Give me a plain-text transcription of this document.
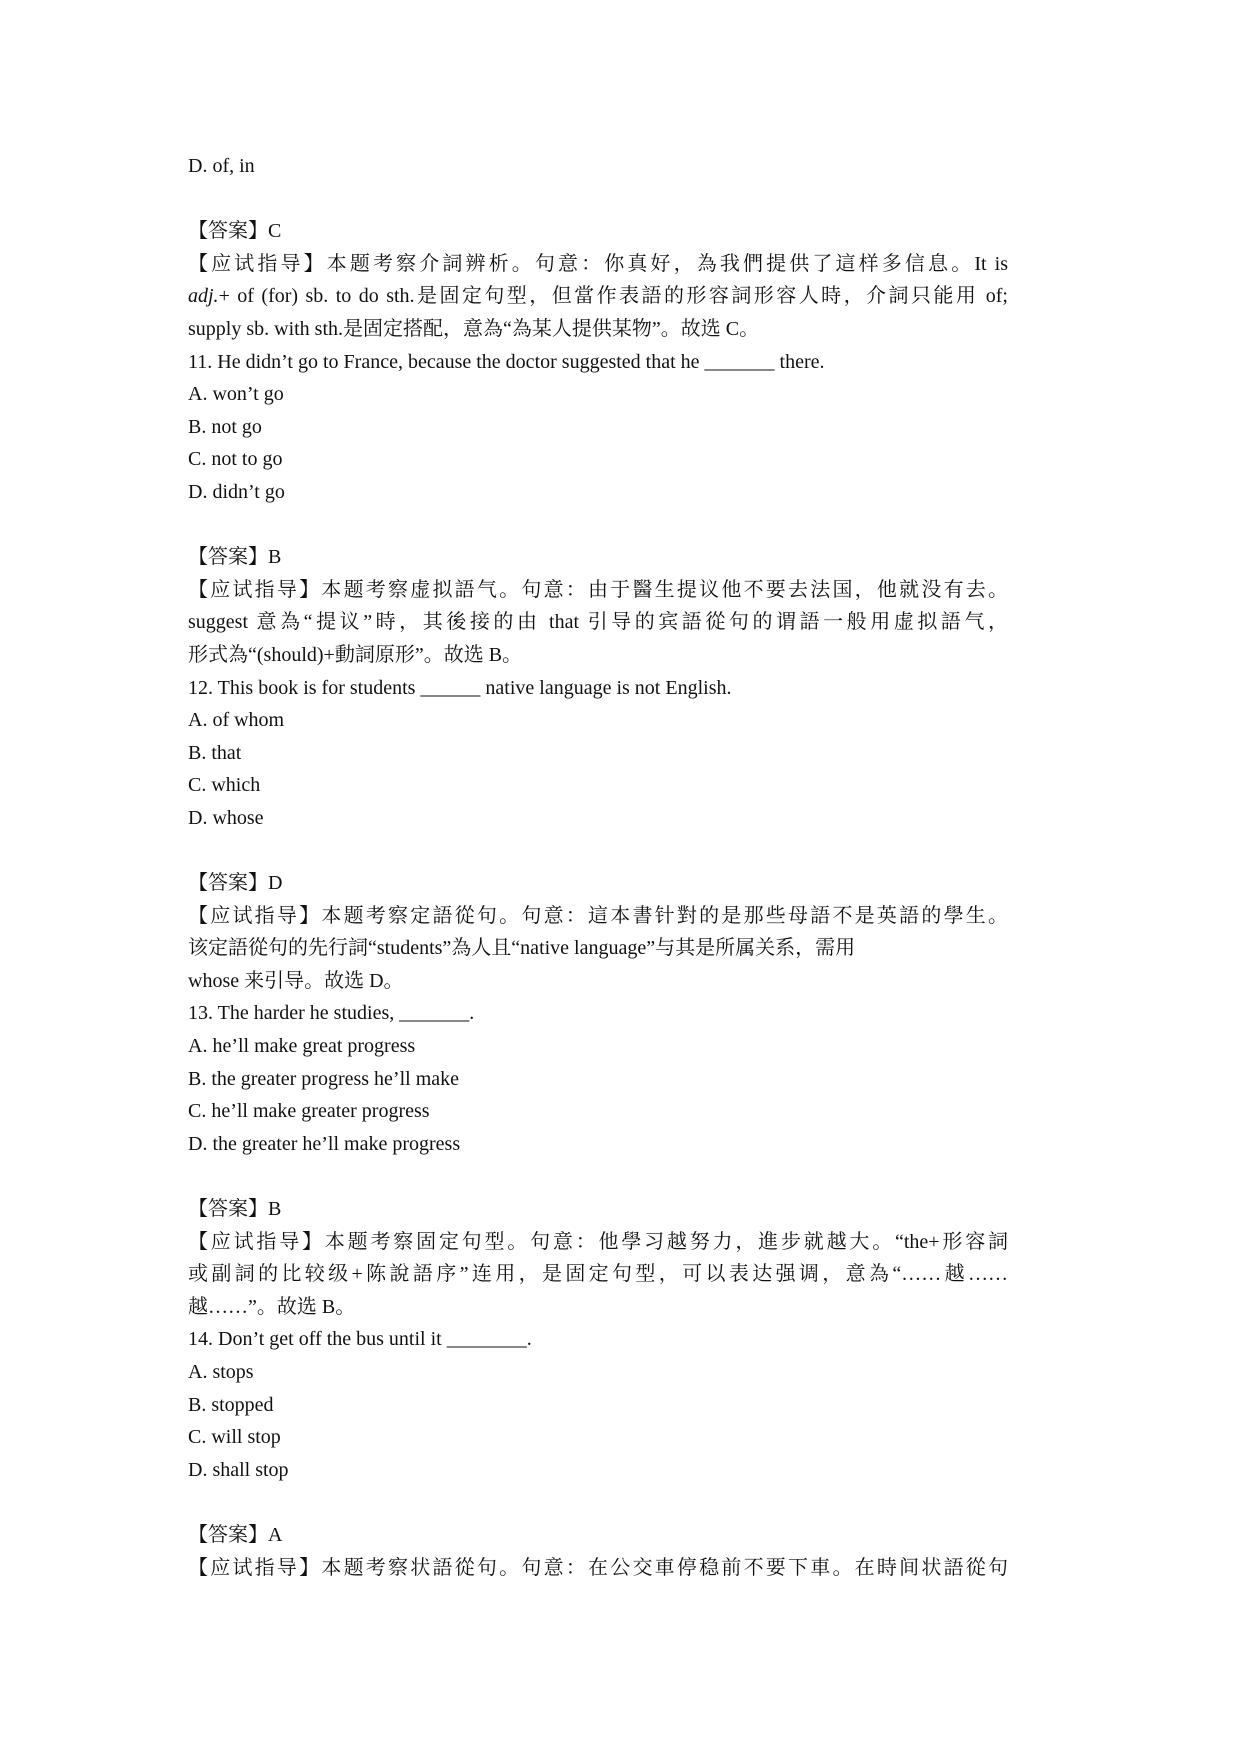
D. of, in
【答案】C
【应试指导】本题考察介詞辨析。句意：你真好，為我們提供了這样多信息。It is
adj.+ of (for) sb. to do sth.是固定句型，但當作表語的形容詞形容人時，介詞只能用 of;
supply sb. with sth.是固定搭配，意為“為某人提供某物”。故选 C。
11. He didn’t go to France, because the doctor suggested that he _______ there.
A. won’t go
B. not go
C. not to go
D. didn’t go
【答案】B
【应试指导】本题考察虚拟語气。句意：由于醫生提议他不要去法国，他就没有去。
suggest 意為“提议”時，其後接的由 that 引导的宾語從句的谓語一般用虚拟語气，
形式為“(should)+動詞原形”。故选 B。
12. This book is for students ______ native language is not English.
A. of whom
B. that
C. which
D. whose
【答案】D
【应试指导】本题考察定語從句。句意：這本書针對的是那些母語不是英語的學生。
该定語從句的先行詞“students”為人且“native language”与其是所属关系，需用
whose 来引导。故选 D。
13. The harder he studies, _______.
A. he’ll make great progress
B. the greater progress he’ll make
C. he’ll make greater progress
D. the greater he’ll make progress
【答案】B
【应试指导】本题考察固定句型。句意：他學习越努力，進步就越大。“the+形容詞
或副詞的比较级+陈說語序”连用，是固定句型，可以表达强调，意為“……越……
越……”。故选 B。
14. Don’t get off the bus until it ________.
A. stops
B. stopped
C. will stop
D. shall stop
【答案】A
【应试指导】本题考察状語從句。句意：在公交車停稳前不要下車。在時间状語從句
